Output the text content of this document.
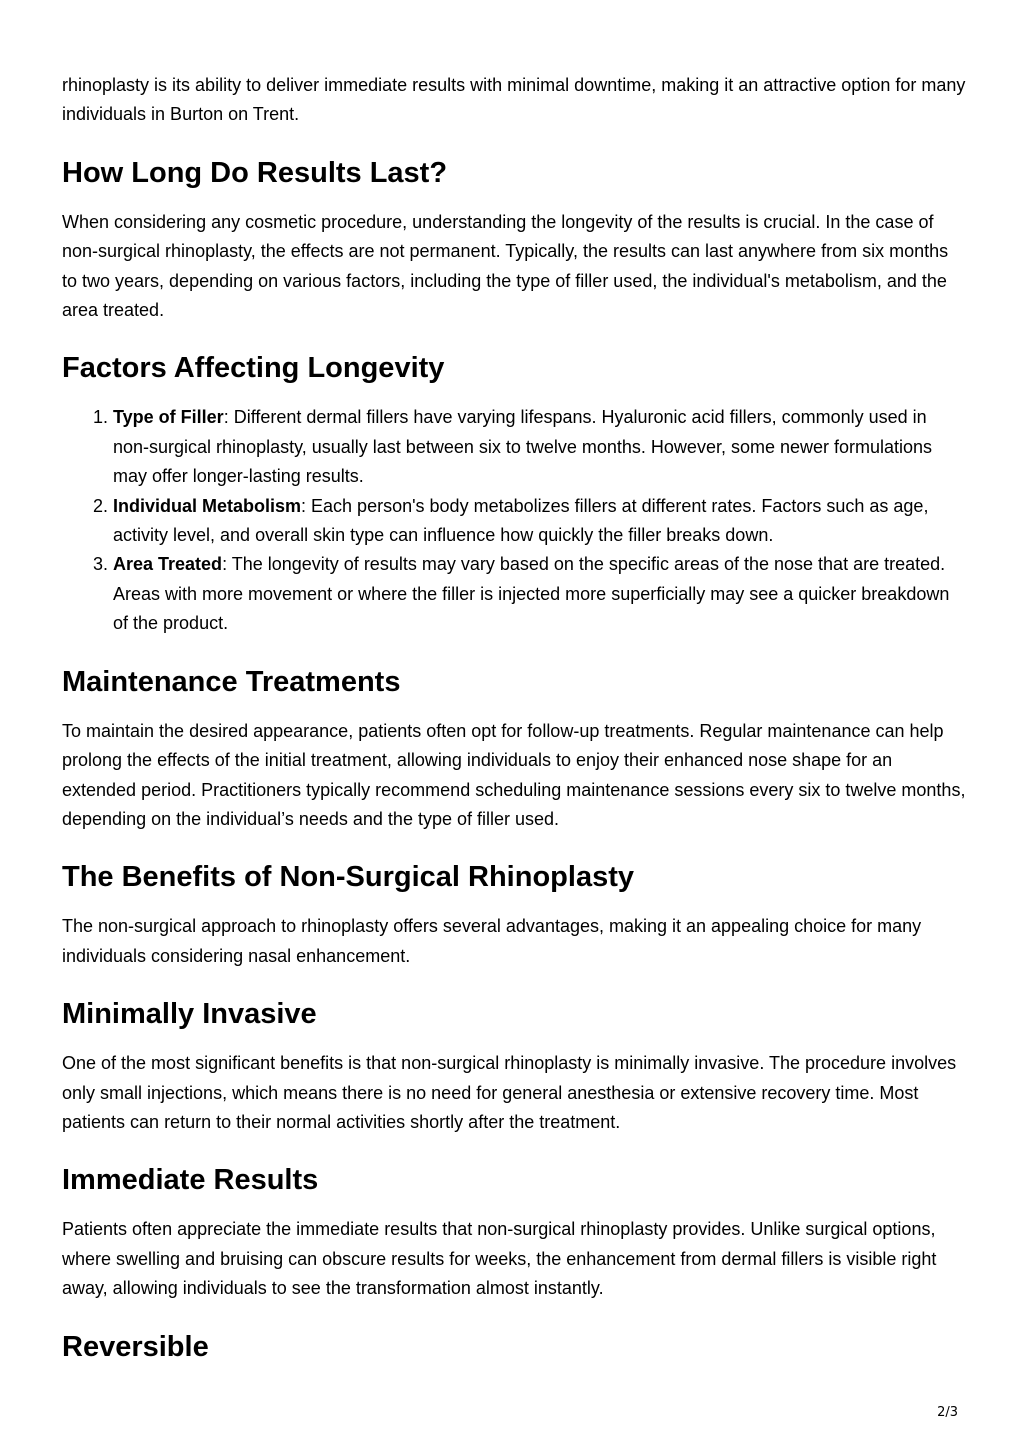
rhinoplasty is its ability to deliver immediate results with minimal downtime, making it an attractive option for many individuals in Burton on Trent.

How Long Do Results Last?

When considering any cosmetic procedure, understanding the longevity of the results is crucial. In the case of non-surgical rhinoplasty, the effects are not permanent. Typically, the results can last anywhere from six months to two years, depending on various factors, including the type of filler used, the individual's metabolism, and the area treated.

Factors Affecting Longevity
1. Type of Filler: Different dermal fillers have varying lifespans. Hyaluronic acid fillers, commonly used in non-surgical rhinoplasty, usually last between six to twelve months. However, some newer formulations may offer longer-lasting results.
2. Individual Metabolism: Each person's body metabolizes fillers at different rates. Factors such as age, activity level, and overall skin type can influence how quickly the filler breaks down.
3. Area Treated: The longevity of results may vary based on the specific areas of the nose that are treated. Areas with more movement or where the filler is injected more superficially may see a quicker breakdown of the product.
Maintenance Treatments

To maintain the desired appearance, patients often opt for follow-up treatments. Regular maintenance can help prolong the effects of the initial treatment, allowing individuals to enjoy their enhanced nose shape for an extended period. Practitioners typically recommend scheduling maintenance sessions every six to twelve months, depending on the individual’s needs and the type of filler used.

The Benefits of Non-Surgical Rhinoplasty

The non-surgical approach to rhinoplasty offers several advantages, making it an appealing choice for many individuals considering nasal enhancement.

Minimally Invasive

One of the most significant benefits is that non-surgical rhinoplasty is minimally invasive. The procedure involves only small injections, which means there is no need for general anesthesia or extensive recovery time. Most patients can return to their normal activities shortly after the treatment.

Immediate Results

Patients often appreciate the immediate results that non-surgical rhinoplasty provides. Unlike surgical options, where swelling and bruising can obscure results for weeks, the enhancement from dermal fillers is visible right away, allowing individuals to see the transformation almost instantly.

Reversible
2/3
